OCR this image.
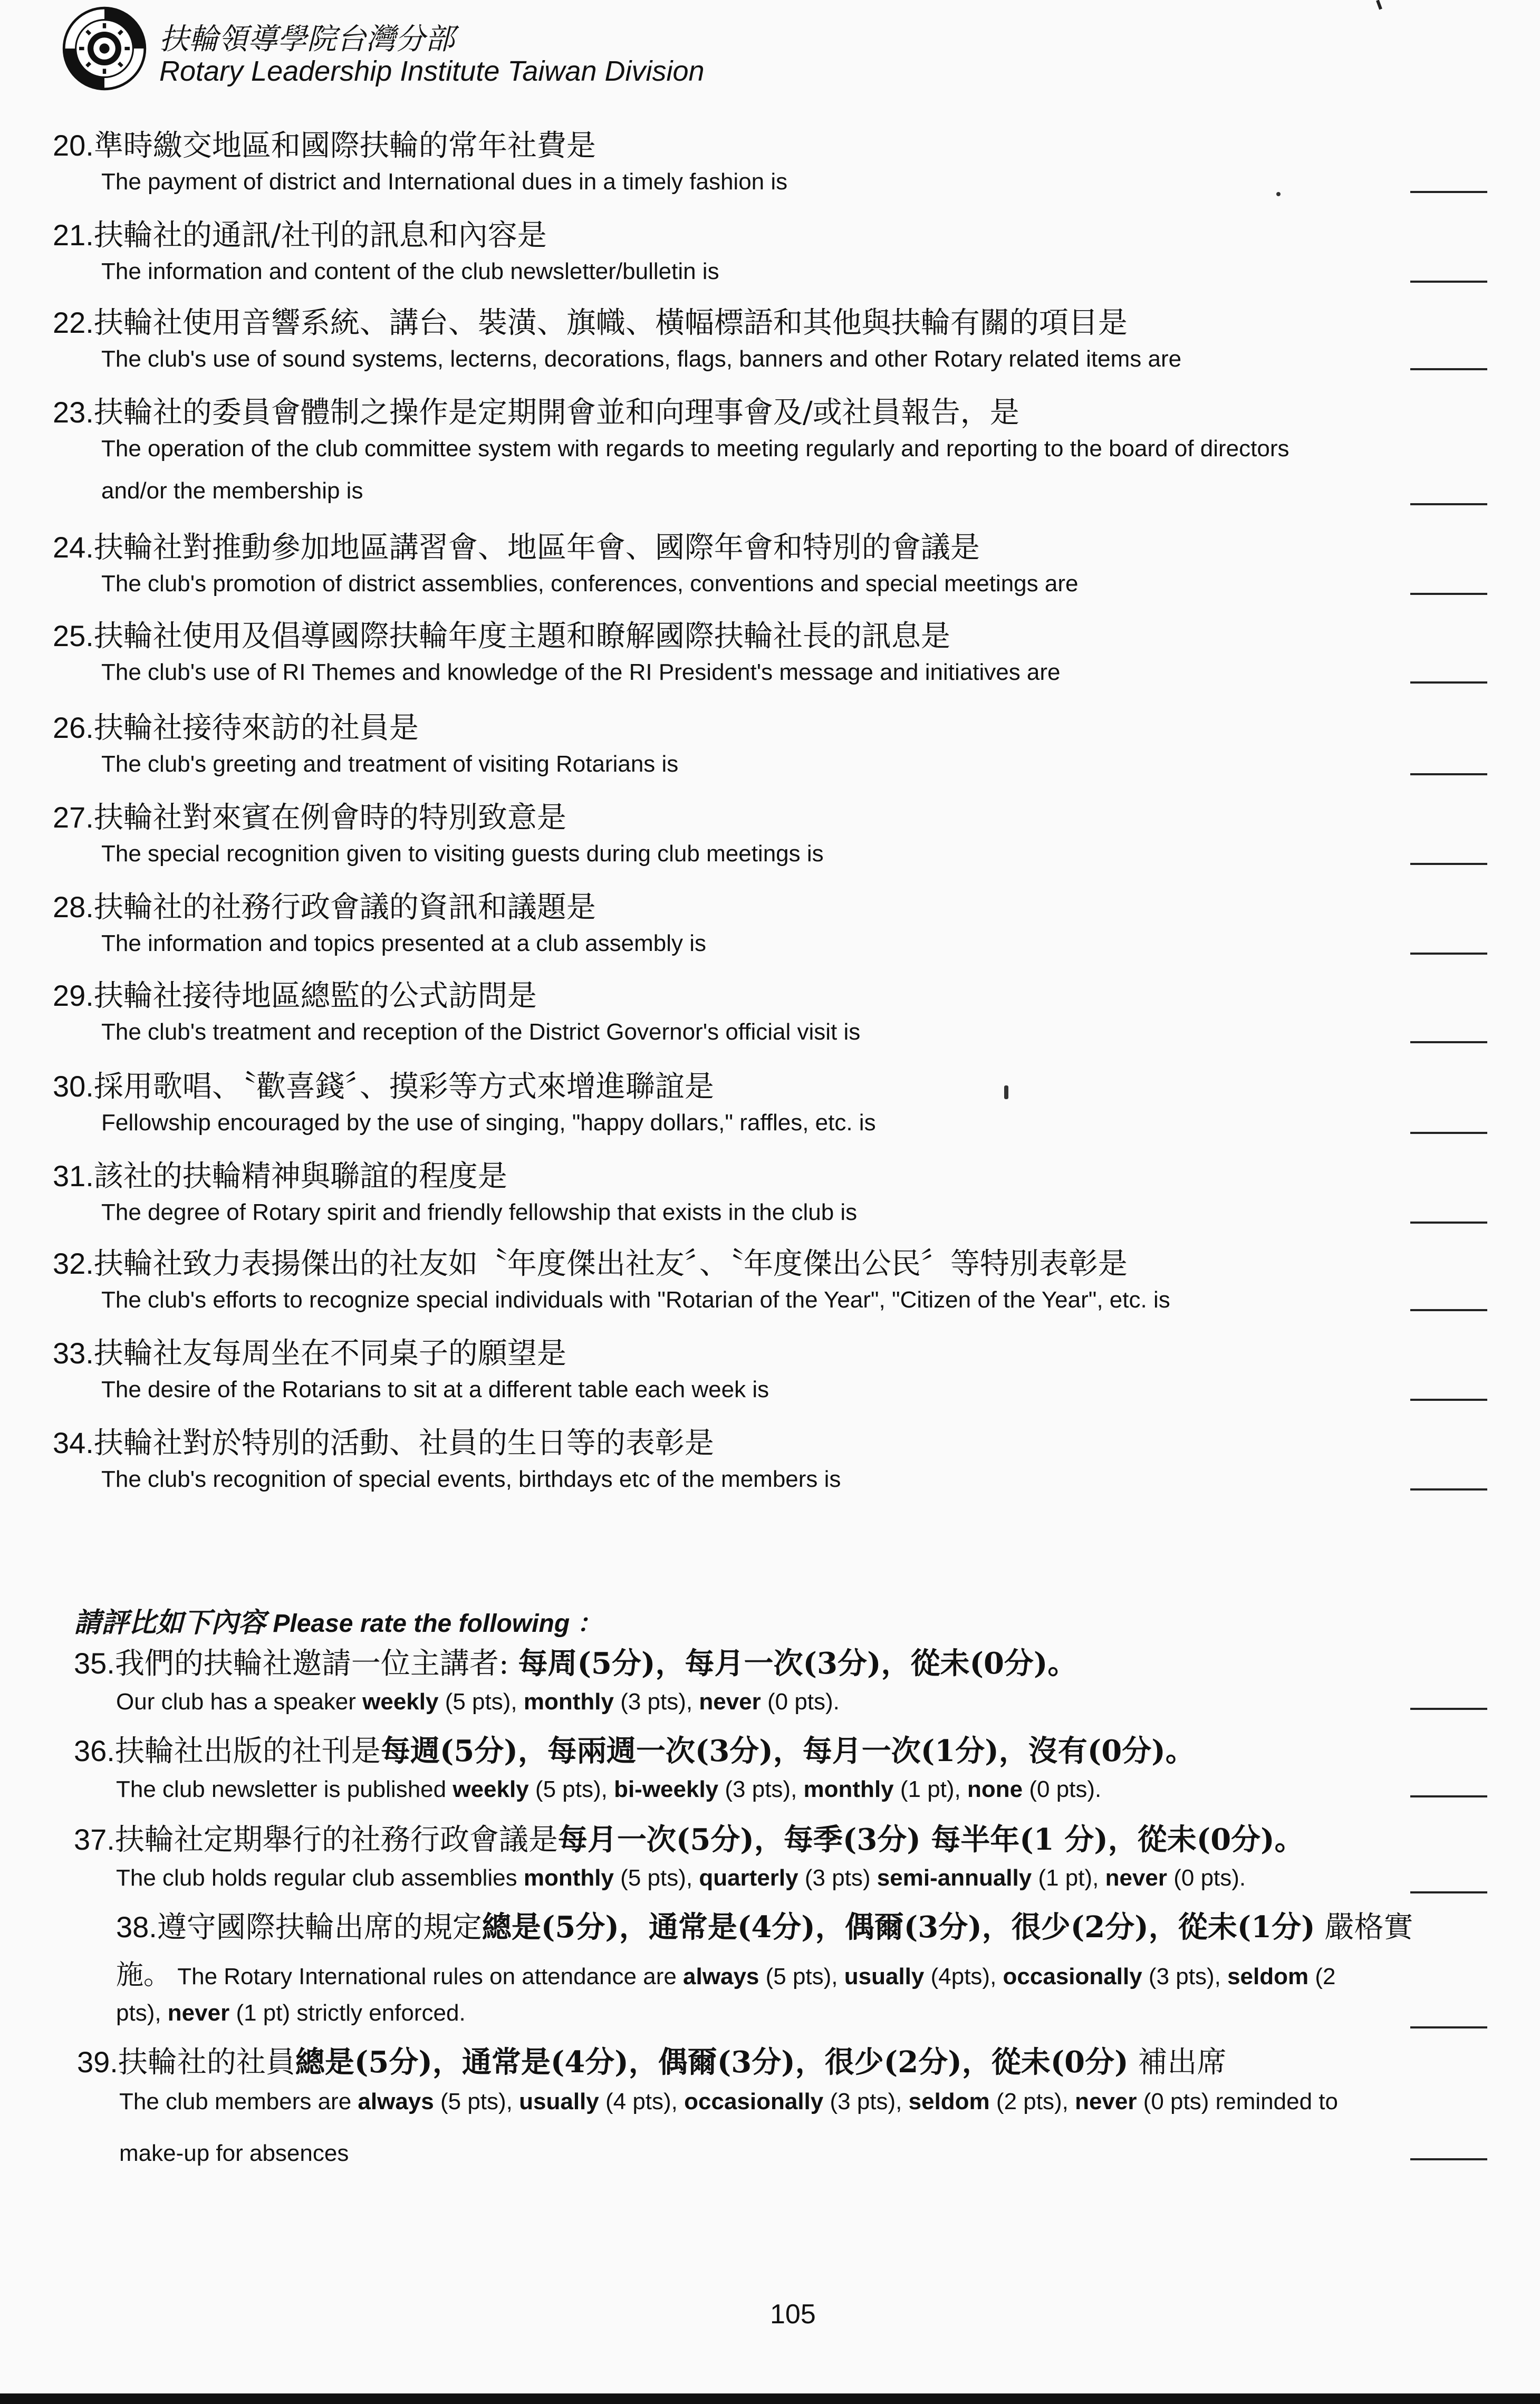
扶輪領導學院台灣分部
Rotary Leadership Institute Taiwan Division
20.準時繳交地區和國際扶輪的常年社費是
The payment of district and International dues in a timely fashion is
21.扶輪社的通訊/社刊的訊息和內容是
The information and content of the club newsletter/bulletin is
22.扶輪社使用音響系統、講台、裝潢、旗幟、橫幅標語和其他與扶輪有關的項目是
The club's use of sound systems, lecterns, decorations, flags, banners and other Rotary related items are
23.扶輪社的委員會體制之操作是定期開會並和向理事會及/或社員報告，是
The operation of the club committee system with regards to meeting regularly and reporting to the board of directors
and/or the membership is
24.扶輪社對推動參加地區講習會、地區年會、國際年會和特別的會議是
The club's promotion of district assemblies, conferences, conventions and special meetings are
25.扶輪社使用及倡導國際扶輪年度主題和瞭解國際扶輪社長的訊息是
The club's use of RI Themes and knowledge of the RI President's message and initiatives are
26.扶輪社接待來訪的社員是
The club's greeting and treatment of visiting Rotarians is
27.扶輪社對來賓在例會時的特別致意是
The special recognition given to visiting guests during club meetings is
28.扶輪社的社務行政會議的資訊和議題是
The information and topics presented at a club assembly is
29.扶輪社接待地區總監的公式訪問是
The club's treatment and reception of the District Governor's official visit is
30.採用歌唱、〝歡喜錢〞、摸彩等方式來增進聯誼是
Fellowship encouraged by the use of singing, "happy dollars," raffles, etc. is
31.該社的扶輪精神與聯誼的程度是
The degree of Rotary spirit and friendly fellowship that exists in the club is
32.扶輪社致力表揚傑出的社友如〝年度傑出社友〞、〝年度傑出公民〞等特別表彰是
The club's efforts to recognize special individuals with "Rotarian of the Year", "Citizen of the Year", etc. is
33.扶輪社友每周坐在不同桌子的願望是
The desire of the Rotarians to sit at a different table each week is
34.扶輪社對於特別的活動、社員的生日等的表彰是
The club's recognition of special events, birthdays etc of the members is
請評比如下內容 Please rate the following ：
35.我們的扶輪社邀請一位主講者: 每周(5分)，每月一次(3分)，從未(0分)。
Our club has a speaker weekly (5 pts), monthly (3 pts), never (0 pts).
36.扶輪社出版的社刊是每週(5分)，每兩週一次(3分)，每月一次(1分)，沒有(0分)。
The club newsletter is published weekly (5 pts), bi-weekly (3 pts), monthly (1 pt), none (0 pts).
37.扶輪社定期舉行的社務行政會議是每月一次(5分)，每季(3分) 每半年(1 分)，從未(0分)。
The club holds regular club assemblies monthly (5 pts), quarterly (3 pts) semi-annually (1 pt), never (0 pts).
38.遵守國際扶輪出席的規定總是(5分)，通常是(4分)，偶爾(3分)，很少(2分)，從未(1分) 嚴格實
施。 The Rotary International rules on attendance are always (5 pts), usually (4pts), occasionally (3 pts), seldom (2
pts), never (1 pt) strictly enforced.
39.扶輪社的社員總是(5分)，通常是(4分)，偶爾(3分)，很少(2分)，從未(0分) 補出席
The club members are always (5 pts), usually (4 pts), occasionally (3 pts), seldom (2 pts), never (0 pts) reminded to
make-up for absences
105
